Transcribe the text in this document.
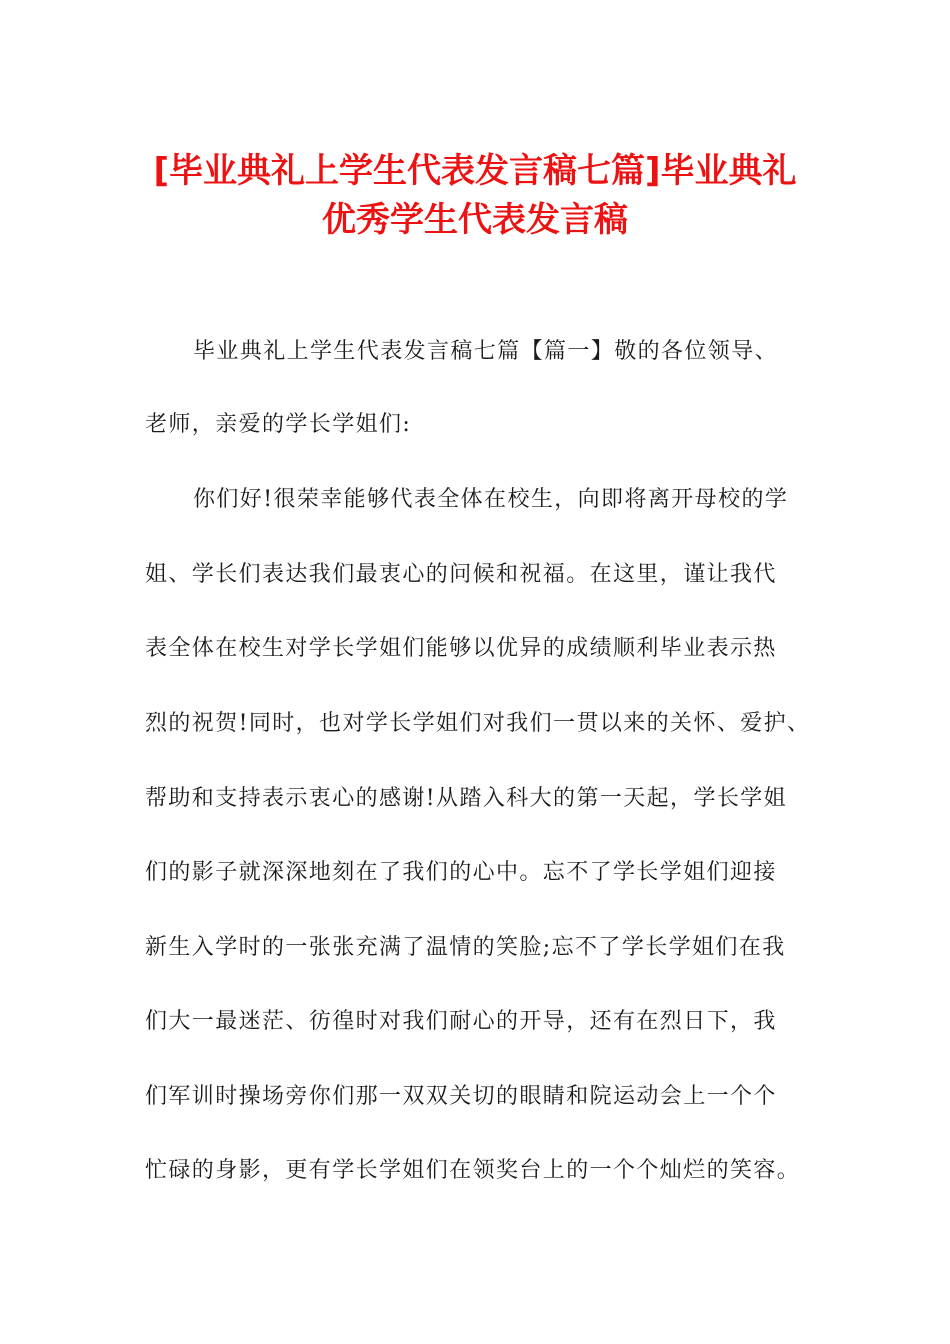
[毕业典礼上学生代表发言稿七篇]毕业典礼
优秀学生代表发言稿
毕业典礼上学生代表发言稿七篇【篇一】敬的各位领导、
老师，亲爱的学长学姐们:
你们好!很荣幸能够代表全体在校生，向即将离开母校的学
姐、学长们表达我们最衷心的问候和祝福。在这里，谨让我代
表全体在校生对学长学姐们能够以优异的成绩顺利毕业表示热
烈的祝贺!同时，也对学长学姐们对我们一贯以来的关怀、爱护、
帮助和支持表示衷心的感谢!从踏入科大的第一天起，学长学姐
们的影子就深深地刻在了我们的心中。忘不了学长学姐们迎接
新生入学时的一张张充满了温情的笑脸;忘不了学长学姐们在我
们大一最迷茫、彷徨时对我们耐心的开导，还有在烈日下，我
们军训时操场旁你们那一双双关切的眼睛和院运动会上一个个
忙碌的身影，更有学长学姐们在领奖台上的一个个灿烂的笑容。
